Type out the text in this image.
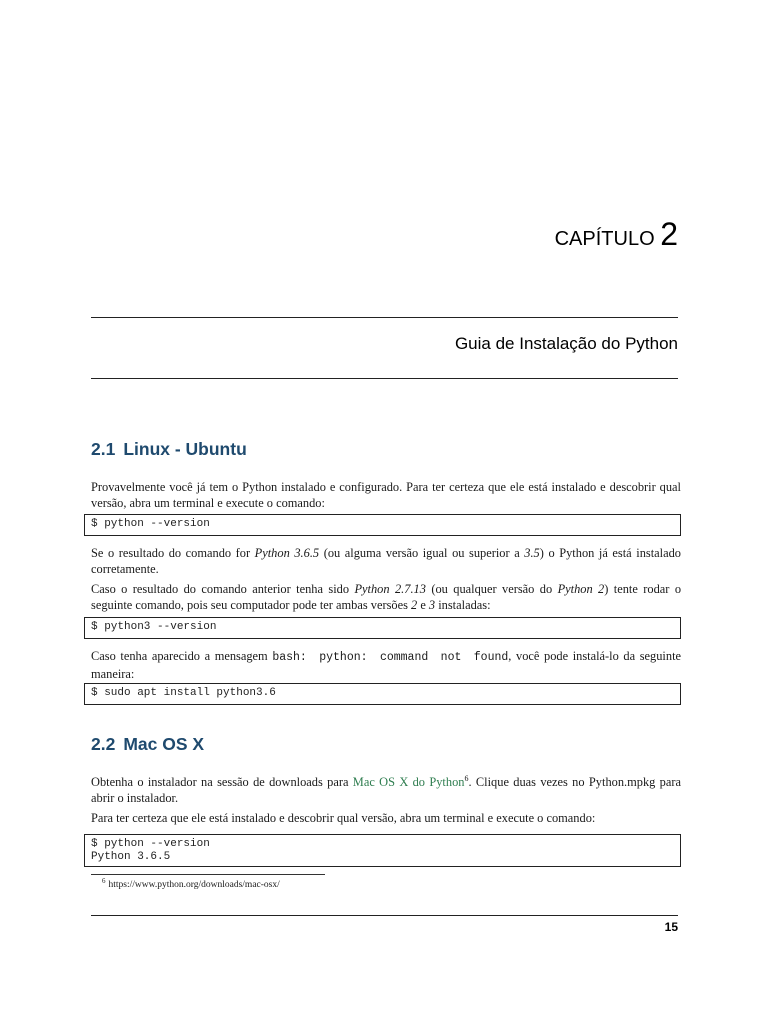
CAPÍTULO 2
Guia de Instalação do Python
2.1 Linux - Ubuntu
Provavelmente você já tem o Python instalado e configurado. Para ter certeza que ele está instalado e descobrir qual versão, abra um terminal e execute o comando:
$ python --version
Se o resultado do comando for Python 3.6.5 (ou alguma versão igual ou superior a 3.5) o Python já está instalado corretamente.
Caso o resultado do comando anterior tenha sido Python 2.7.13 (ou qualquer versão do Python 2) tente rodar o seguinte comando, pois seu computador pode ter ambas versões 2 e 3 instaladas:
$ python3 --version
Caso tenha aparecido a mensagem bash: python: command not found, você pode instalá-lo da seguinte maneira:
$ sudo apt install python3.6
2.2 Mac OS X
Obtenha o instalador na sessão de downloads para Mac OS X do Python$^6$. Clique duas vezes no Python.mpkg para abrir o instalador.
Para ter certeza que ele está instalado e descobrir qual versão, abra um terminal e execute o comando:
$ python --version
Python 3.6.5
$^6$ https://www.python.org/downloads/mac-osx/
15
